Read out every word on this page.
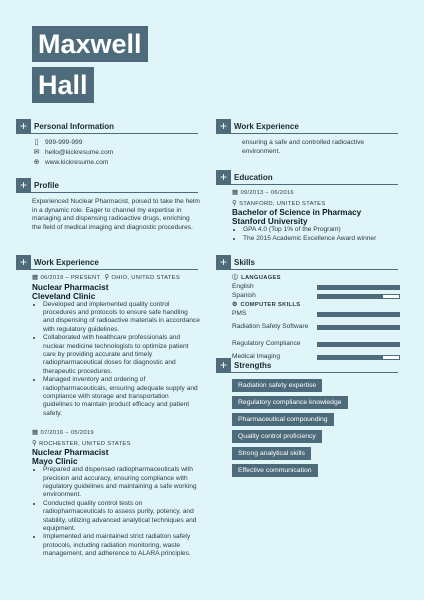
Maxwell
Hall
+ Personal Information
▯ 999-999-999
✉ hello@kickresume.com
⊕ www.kickresume.com
+ Profile
Experienced Nuclear Pharmacist, poised to take the helm in a dynamic role. Eager to channel my expertise in managing and dispensing radioactive drugs, enriching the field of medical imaging and diagnostic procedures.
+ Work Experience
▦ 06/2019 – PRESENT ⚲ OHIO, UNITED STATES
Nuclear Pharmacist
Cleveland Clinic
• Developed and implemented quality control procedures and protocols to ensure safe handling and dispensing of radioactive materials in accordance with regulatory guidelines.
• Collaborated with healthcare professionals and nuclear medicine technologists to optimize patient care by providing accurate and timely radiopharmaceutical doses for diagnostic and therapeutic procedures.
• Managed inventory and ordering of radiopharmaceuticals, ensuring adequate supply and compliance with storage and transportation guidelines to maintain product efficacy and patient safety.
▦ 07/2016 – 05/2019
⚲ ROCHESTER, UNITED STATES
Nuclear Pharmacist
Mayo Clinic
• Prepared and dispensed radiopharmaceuticals with precision and accuracy, ensuring compliance with regulatory guidelines and maintaining a safe working environment.
• Conducted quality control tests on radiopharmaceuticals to assess purity, potency, and stability, utilizing advanced analytical techniques and equipment.
• Implemented and maintained strict radiation safety protocols, including radiation monitoring, waste management, and adherence to ALARA principles.
+ Work Experience
ensuring a safe and controlled radioactive environment.
+ Education
▦ 09/2013 – 06/2016
⚲ STANFORD, UNITED STATES
Bachelor of Science in Pharmacy
Stanford University
• GPA 4.0 (Top 1% of the Program)
• The 2015 Academic Excellence Award winner
+ Skills
ⓘ LANGUAGES
English
Spanish
⚙ COMPUTER SKILLS
PMS
Radiation Safety Software
Regulatory Compliance
Medical Imaging
+ Strengths
Radiation safety expertise
Regulatory compliance knowledge
Pharmaceutical compounding
Quality control proficiency
Strong analytical skills
Effective communication
